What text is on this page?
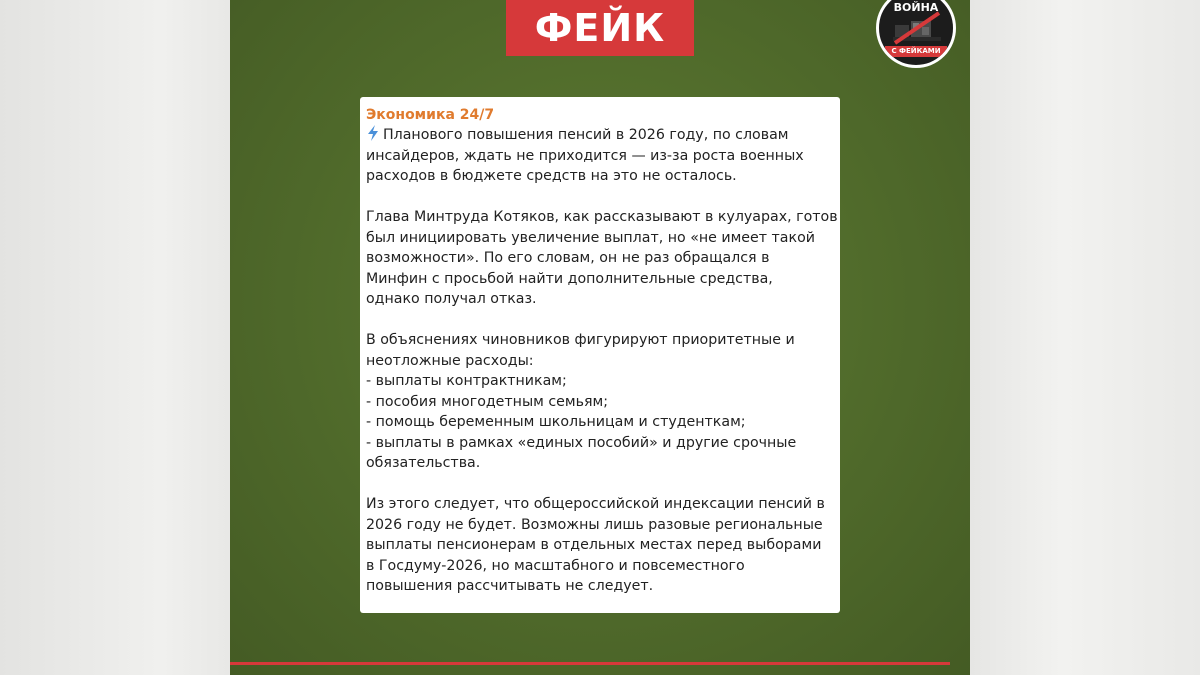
ФЕЙК	ВОЙНА
С ФЕЙКАМИ
Экономика 24/7
Планового повышения пенсий в 2026 году, по словам
инсайдеров, ждать не приходится — из-за роста военных
расходов в бюджете средств на это не осталось.
Глава Минтруда Котяков, как рассказывают в кулуарах, готов
был инициировать увеличение выплат, но «не имеет такой
возможности». По его словам, он не раз обращался в
Минфин с просьбой найти дополнительные средства,
однако получал отказ.
В объяснениях чиновников фигурируют приоритетные и
неотложные расходы:
- выплаты контрактникам;
- пособия многодетным семьям;
- помощь беременным школьницам и студенткам;
- выплаты в рамках «единых пособий» и другие срочные
обязательства.
Из этого следует, что общероссийской индексации пенсий в
2026 году не будет. Возможны лишь разовые региональные
выплаты пенсионерам в отдельных местах перед выборами
в Госдуму-2026, но масштабного и повсеместного
повышения рассчитывать не следует.
